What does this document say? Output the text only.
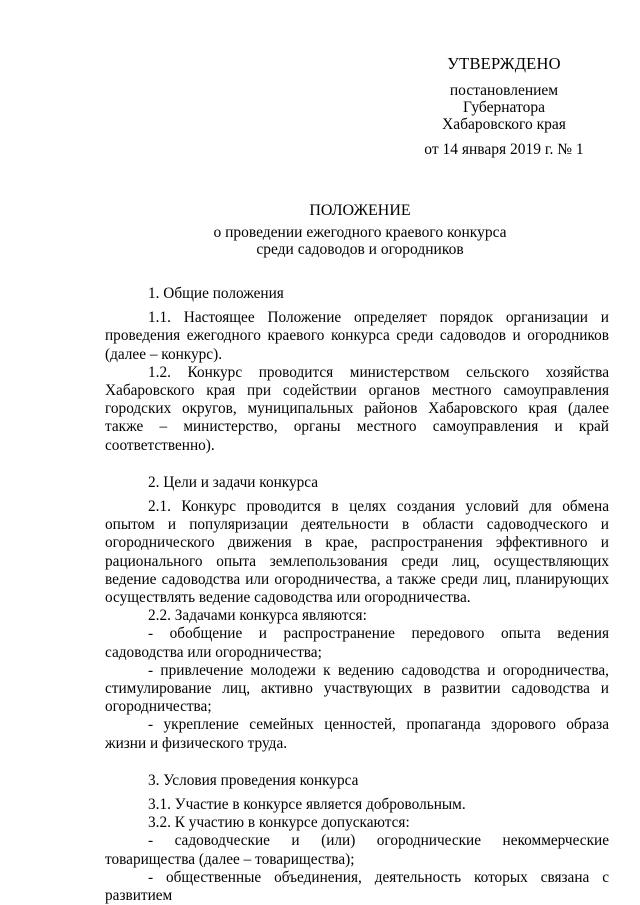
УТВЕРЖДЕНО
постановлением
Губернатора
Хабаровского края
от 14 января 2019 г. № 1
ПОЛОЖЕНИЕ
о проведении ежегодного краевого конкурса
среди садоводов и огородников

1. Общие положения

1.1. Настоящее Положение определяет порядок организации и проведения ежегодного краевого конкурса среди садоводов и огородников (далее – конкурс).

1.2. Конкурс проводится министерством сельского хозяйства Хабаровского края при содействии органов местного самоуправления городских округов, муниципальных районов Хабаровского края (далее также – министерство, органы местного самоуправления и край соответственно).

2. Цели и задачи конкурса

2.1. Конкурс проводится в целях создания условий для обмена опытом и популяризации деятельности в области садоводческого и огороднического движения в крае, распространения эффективного и рационального опыта землепользования среди лиц, осуществляющих ведение садоводства или огородничества, а также среди лиц, планирующих осуществлять ведение садоводства или огородничества.

2.2. Задачами конкурса являются:

- обобщение и распространение передового опыта ведения садоводства или огородничества;

- привлечение молодежи к ведению садоводства и огородничества, стимулирование лиц, активно участвующих в развитии садоводства и огородничества;

- укрепление семейных ценностей, пропаганда здорового образа жизни и физического труда.

3. Условия проведения конкурса

3.1. Участие в конкурсе является добровольным.

3.2. К участию в конкурсе допускаются:

- садоводческие и (или) огороднические некоммерческие товарищества (далее – товарищества);

- общественные объединения, деятельность которых связана с развитием
